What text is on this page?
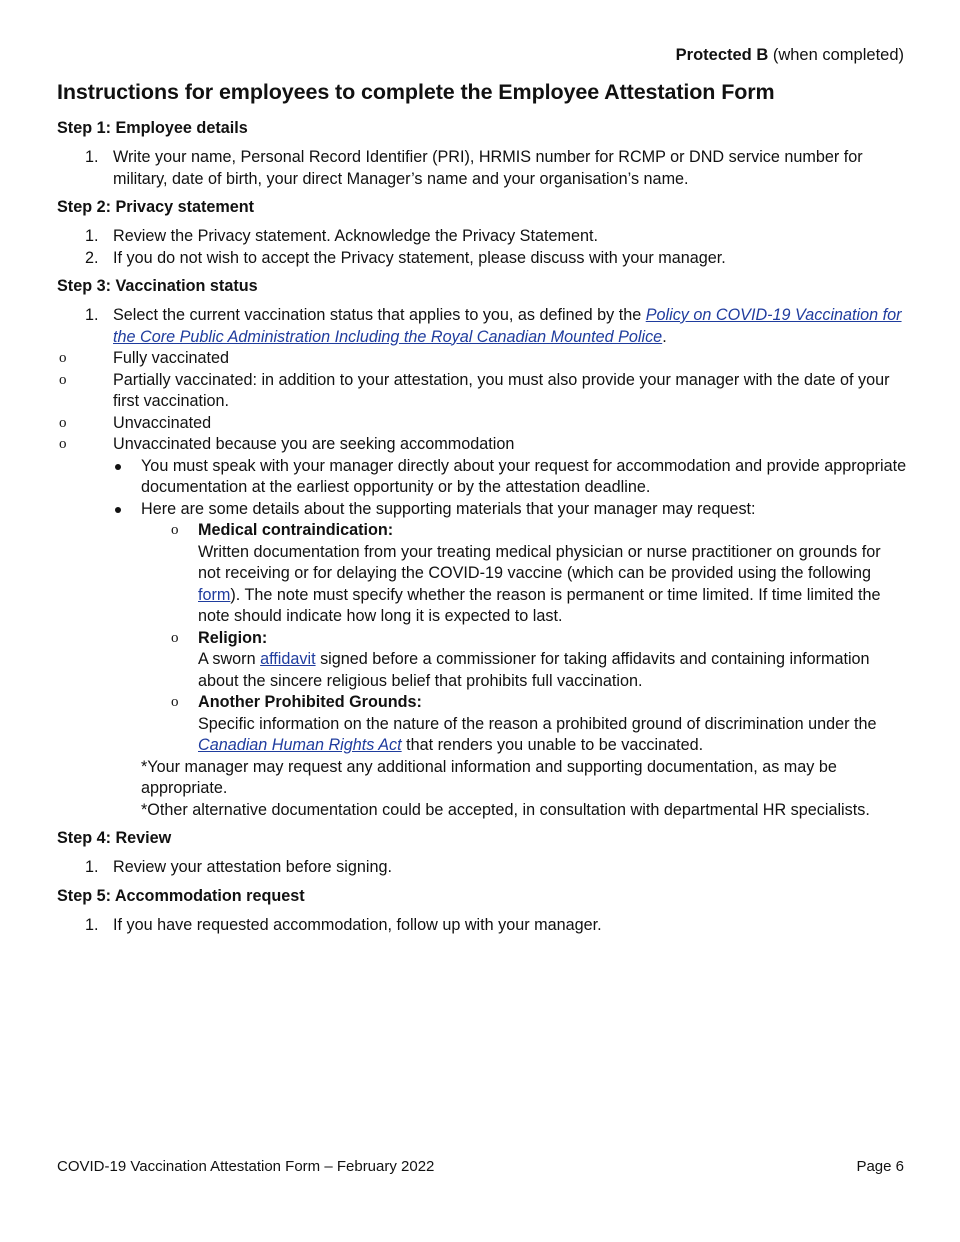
Protected B (when completed)
Instructions for employees to complete the Employee Attestation Form
Step 1: Employee details
1. Write your name, Personal Record Identifier (PRI), HRMIS number for RCMP or DND service number for military, date of birth, your direct Manager’s name and your organisation’s name.
Step 2: Privacy statement
1. Review the Privacy statement. Acknowledge the Privacy Statement.
2. If you do not wish to accept the Privacy statement, please discuss with your manager.
Step 3: Vaccination status
1. Select the current vaccination status that applies to you, as defined by the Policy on COVID-19 Vaccination for the Core Public Administration Including the Royal Canadian Mounted Police.
o	Fully vaccinated
o	Partially vaccinated: in addition to your attestation, you must also provide your manager with the date of your first vaccination.
o	Unvaccinated
o	Unvaccinated because you are seeking accommodation
You must speak with your manager directly about your request for accommodation and provide appropriate documentation at the earliest opportunity or by the attestation deadline.
Here are some details about the supporting materials that your manager may request:
o Medical contraindication:
Written documentation from your treating medical physician or nurse practitioner on grounds for not receiving or for delaying the COVID-19 vaccine (which can be provided using the following form). The note must specify whether the reason is permanent or time limited. If time limited the note should indicate how long it is expected to last.
o Religion:
A sworn affidavit signed before a commissioner for taking affidavits and containing information about the sincere religious belief that prohibits full vaccination.
o Another Prohibited Grounds:
Specific information on the nature of the reason a prohibited ground of discrimination under the Canadian Human Rights Act that renders you unable to be vaccinated.
*Your manager may request any additional information and supporting documentation, as may be appropriate.
*Other alternative documentation could be accepted, in consultation with departmental HR specialists.
Step 4: Review
1. Review your attestation before signing.
Step 5: Accommodation request
1. If you have requested accommodation, follow up with your manager.
COVID-19 Vaccination Attestation Form – February 2022	Page 6
